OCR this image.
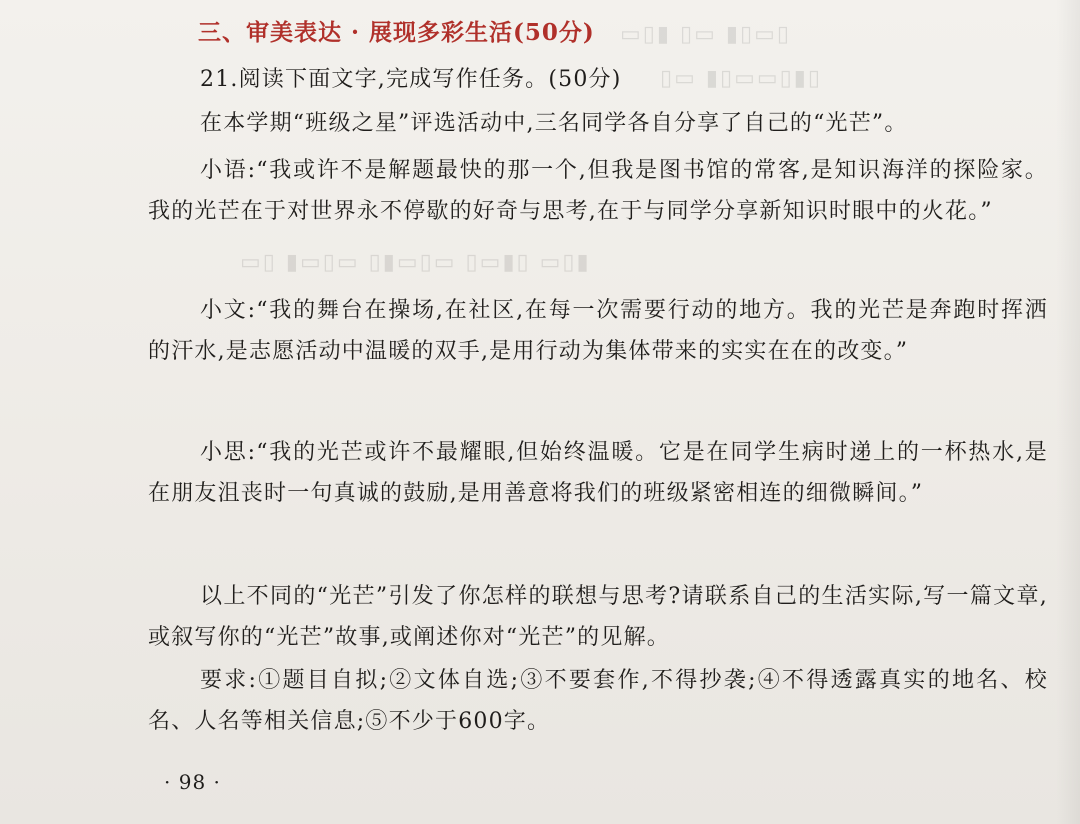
▭▯▮ ▯▭ ▮▯▭▯
▯▭ ▮▯▭▭▯▮▯
▭▯ ▮▭▯▭ ▯▮▭▯▭ ▯▭▮▯ ▭▯▮
三、审美表达 · 展现多彩生活(50分)
21.阅读下面文字,完成写作任务。(50分)
在本学期“班级之星”评选活动中,三名同学各自分享了自己的“光芒”。
小语:“我或许不是解题最快的那一个,但我是图书馆的常客,是知识海洋的探险家。我的光芒在于对世界永不停歇的好奇与思考,在于与同学分享新知识时眼中的火花。”
小文:“我的舞台在操场,在社区,在每一次需要行动的地方。我的光芒是奔跑时挥洒的汗水,是志愿活动中温暖的双手,是用行动为集体带来的实实在在的改变。”
小思:“我的光芒或许不最耀眼,但始终温暖。它是在同学生病时递上的一杯热水,是在朋友沮丧时一句真诚的鼓励,是用善意将我们的班级紧密相连的细微瞬间。”
以上不同的“光芒”引发了你怎样的联想与思考?请联系自己的生活实际,写一篇文章,或叙写你的“光芒”故事,或阐述你对“光芒”的见解。
要求:①题目自拟;②文体自选;③不要套作,不得抄袭;④不得透露真实的地名、校名、人名等相关信息;⑤不少于600字。
· 98 ·
